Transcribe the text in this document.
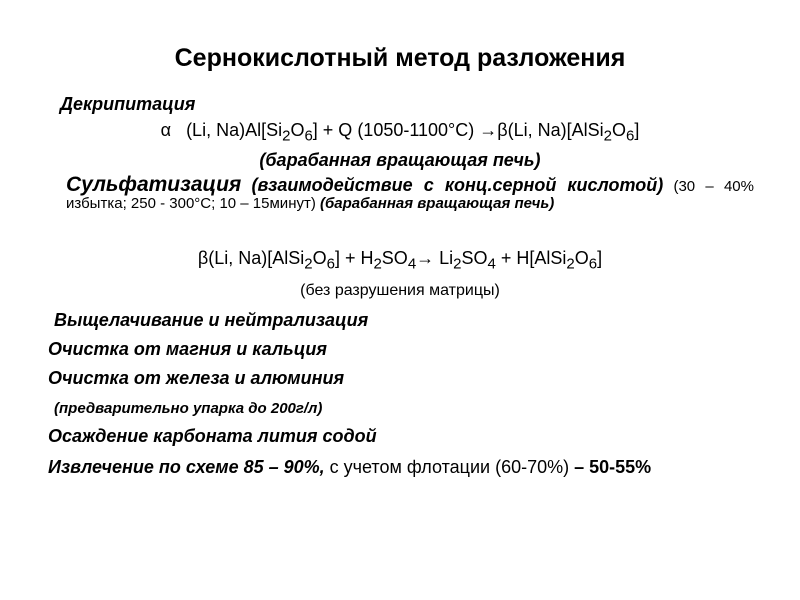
Сернокислотный метод разложения
Декрипитация
α (Li, $Na)Al[Si_2O_6] + Q$ (1050-1100°C) →β(Li, $Na)[AlSi_2O_6]$
(барабанная вращающая печь)
Сульфатизация (взаимодействие с конц.серной кислотой) (30 – 40% избытка; 250 - 300°С; 10 – 15минут) (барабанная вращающая печь)
β(Li, $Na)[AlSi_2O_6] + H_2SO_4\to Li_2SO_4$ + $H[AlSi_2O_6]$
(без разрушения матрицы)
Выщелачивание и нейтрализация
Очистка от магния и кальция
Очистка от железа и алюминия
(предварительно упарка до 200г/л)
Осаждение карбоната лития содой
Извлечение по схеме 85 – 90%, с учетом флотации (60-70%) – 50-55%
